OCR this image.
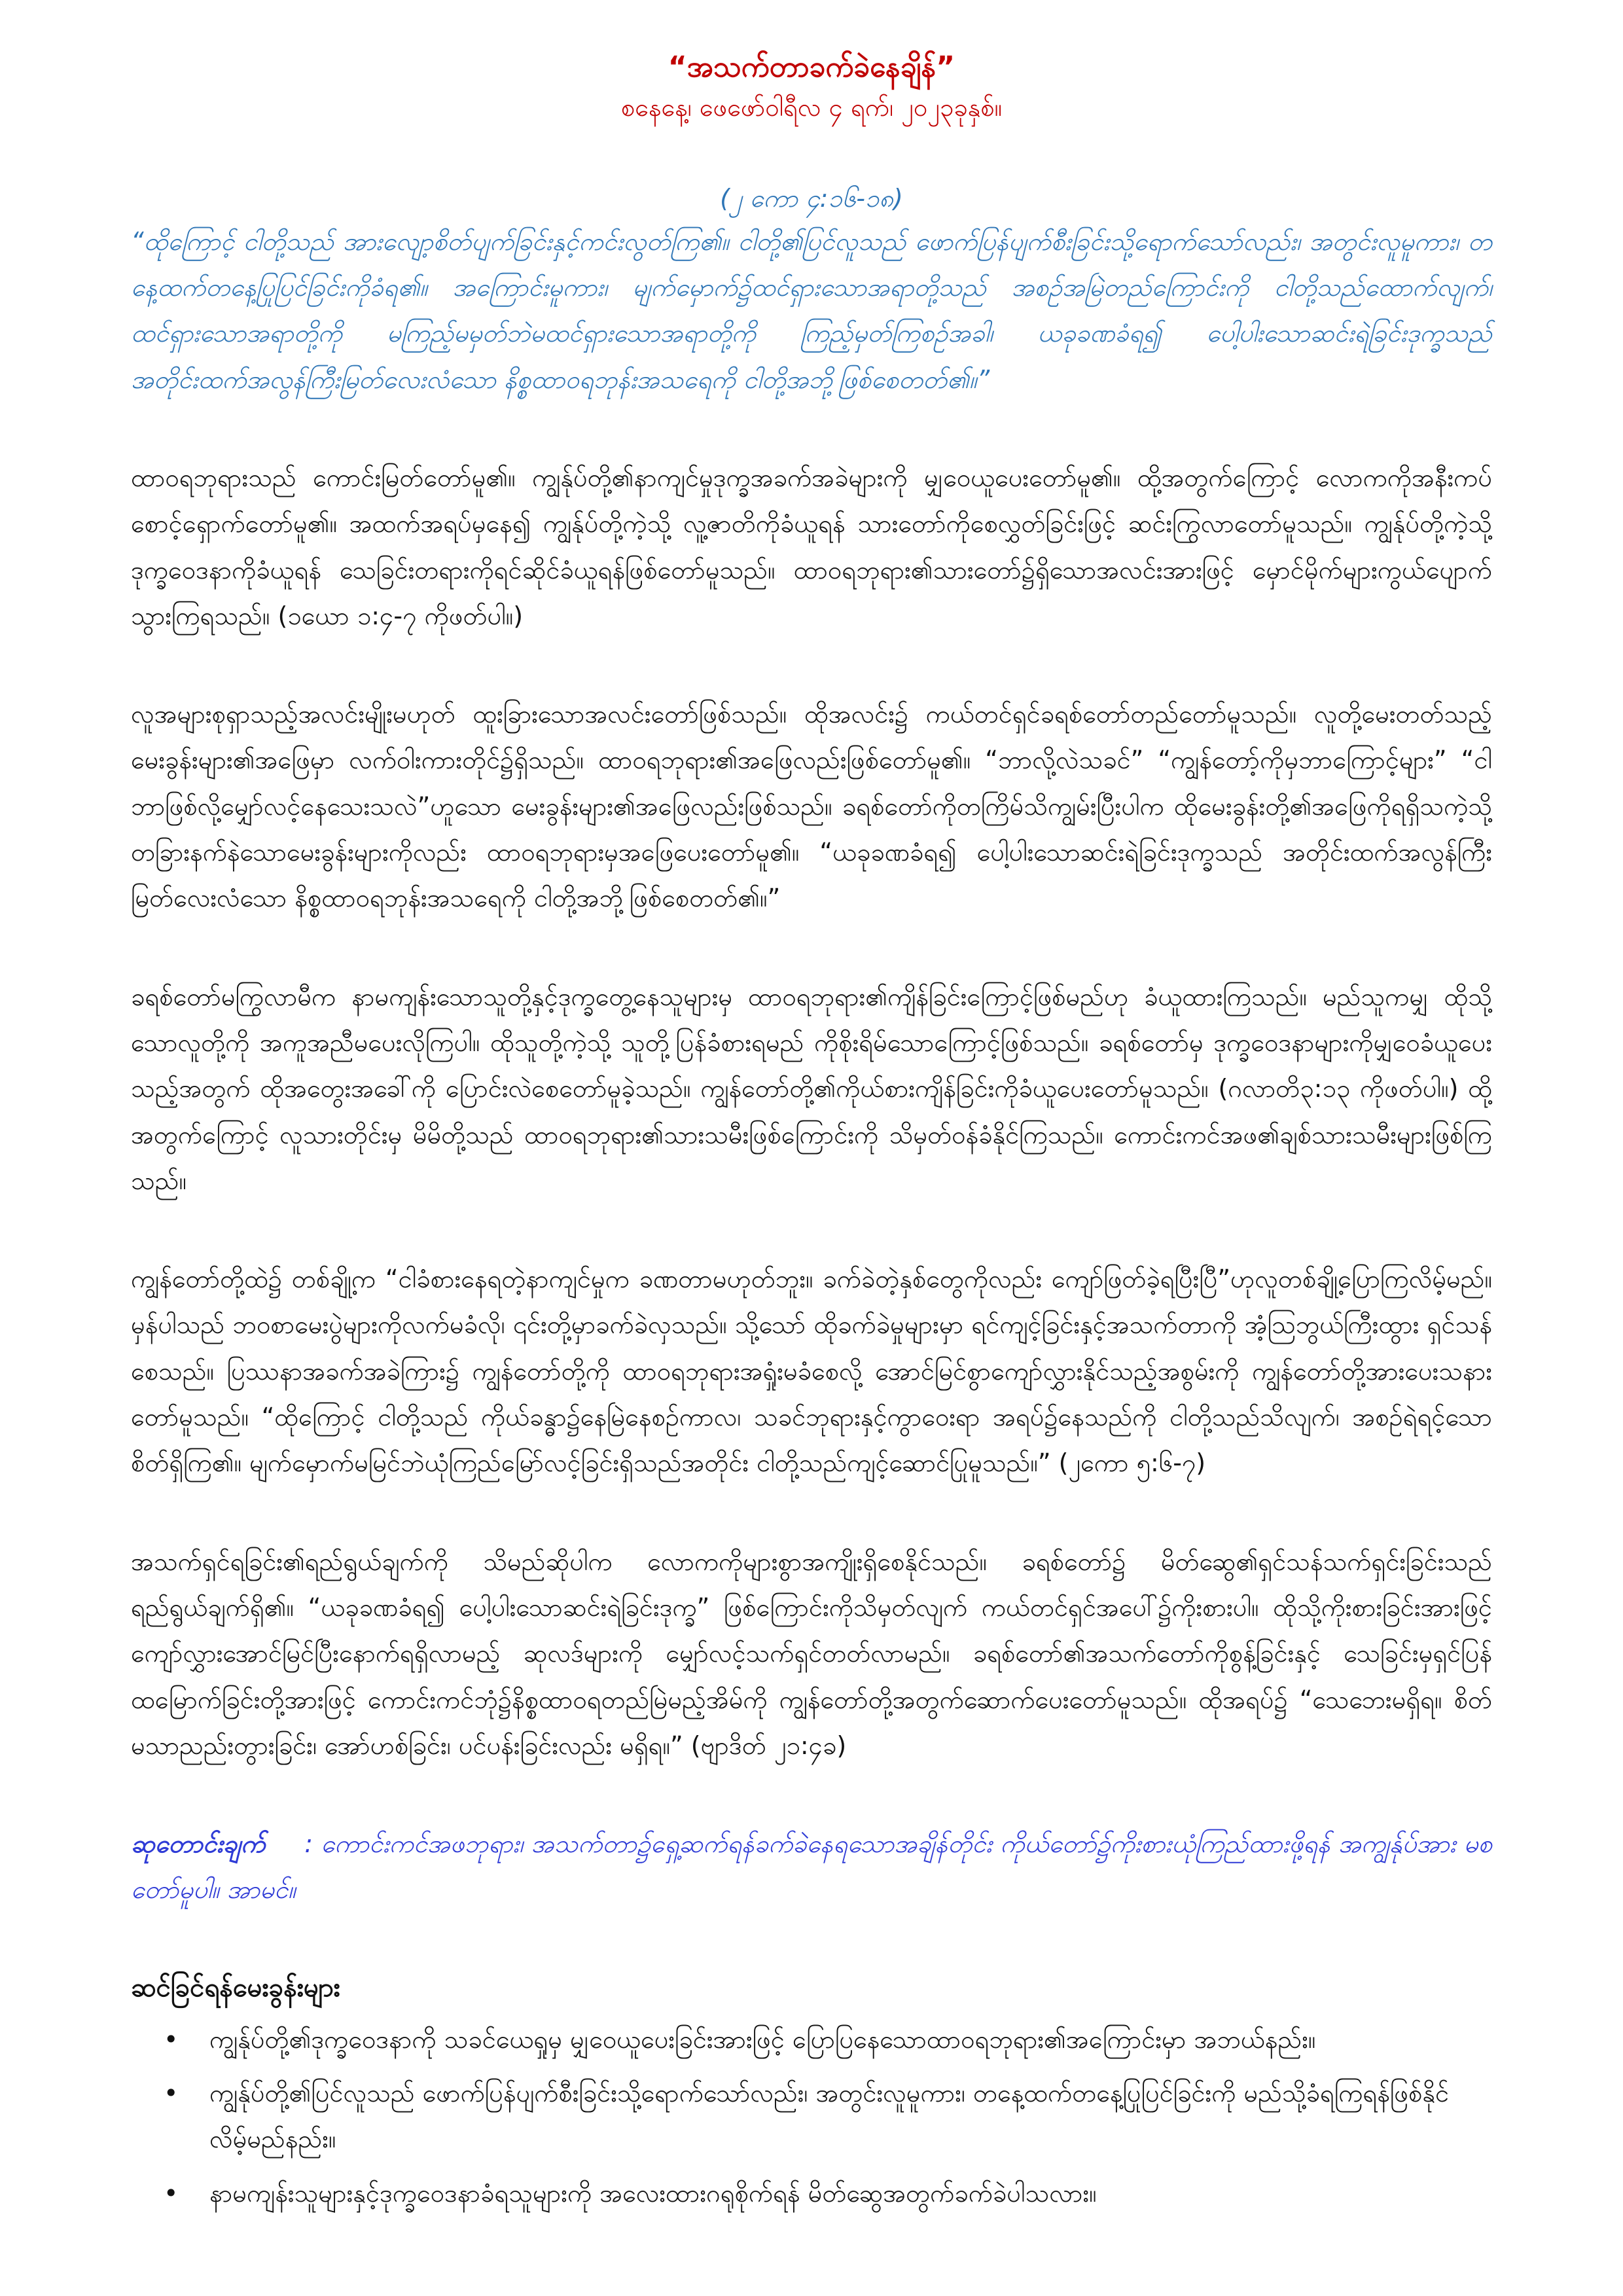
“အသက်တာခက်ခဲနေချိန်”

စနေနေ့၊ ဖေဖော်ဝါရီလ ၄ ရက်၊ ၂၀၂၃ခုနှစ်။

(၂ ကော ၄:၁၆-၁၈)

“ထိုကြောင့် ငါတို့သည် အားလျော့စိတ်ပျက်ခြင်းနှင့်ကင်းလွတ်ကြ၏။ ငါတို့၏ပြင်လူသည် ဖောက်ပြန်ပျက်စီးခြင်းသို့ရောက်သော်လည်း၊ အတွင်းလူမူကား၊ တနေ့ထက်တနေ့ပြုပြင်ခြင်းကိုခံရ၏။ အကြောင်းမူကား၊ မျက်မှောက်၌ထင်ရှားသောအရာတို့သည် အစဉ်အမြဲတည်ကြောင်းကို ငါတို့သည်ထောက်လျက်၊ ထင်ရှားသောအရာတို့ကို မကြည့်မမှတ်ဘဲမထင်ရှားသောအရာတို့ကို ကြည့်မှတ်ကြစဉ်အခါ၊ ယခုခဏခံရ၍ ပေါ့ပါးသောဆင်းရဲခြင်းဒုက္ခသည် အတိုင်းထက်အလွန်ကြီးမြတ်လေးလံသော နိစ္စထာဝရဘုန်းအသရေကို ငါတို့အဘို့ဖြစ်စေတတ်၏။”

ထာဝရဘုရားသည် ကောင်းမြတ်တော်မူ၏။ ကျွန်ုပ်တို့၏နာကျင်မှုဒုက္ခအခက်အခဲများကို မျှဝေယူပေးတော်မူ၏။ ထို့အတွက်ကြောင့် လောကကိုအနီးကပ်စောင့်ရှောက်တော်မူ၏။ အထက်အရပ်မှနေ၍ ကျွန်ုပ်တို့ကဲ့သို့ လူ့ဇာတိကိုခံယူရန် သားတော်ကိုစေလွှတ်ခြင်းဖြင့် ဆင်းကြွလာတော်မူသည်။ ကျွန်ုပ်တို့ကဲ့သို့ ဒုက္ခဝေဒနာကိုခံယူရန် သေခြင်းတရားကိုရင်ဆိုင်ခံယူရန်ဖြစ်တော်မူသည်။ ထာဝရဘုရား၏သားတော်၌ရှိသောအလင်းအားဖြင့် မှောင်မိုက်များကွယ်ပျောက်သွားကြရသည်။ (၁ယော ၁:၄-၇ ကိုဖတ်ပါ။)

လူအများစုရှာသည့်အလင်းမျိုးမဟုတ် ထူးခြားသောအလင်းတော်ဖြစ်သည်။ ထိုအလင်း၌ ကယ်တင်ရှင်ခရစ်တော်တည်တော်မူသည်။ လူတို့မေးတတ်သည့်မေးခွန်းများ၏အဖြေမှာ လက်ဝါးကားတိုင်၌ရှိသည်။ ထာဝရဘုရား၏အဖြေလည်းဖြစ်တော်မူ၏။ “ဘာလို့လဲသခင်” “ကျွန်တော့်ကိုမှဘာကြောင့်များ” “ငါဘာဖြစ်လို့မျှော်လင့်နေသေးသလဲ”ဟူသော မေးခွန်းများ၏အဖြေလည်းဖြစ်သည်။ ခရစ်တော်ကိုတကြိမ်သိကျွမ်းပြီးပါက ထိုမေးခွန်းတို့၏အဖြေကိုရရှိသကဲ့သို့ တခြားနက်နဲသောမေးခွန်းများကိုလည်း ထာဝရဘုရားမှအဖြေပေးတော်မူ၏။ “ယခုခဏခံရ၍ ပေါ့ပါးသောဆင်းရဲခြင်းဒုက္ခသည် အတိုင်းထက်အလွန်ကြီးမြတ်လေးလံသော နိစ္စထာဝရဘုန်းအသရေကို ငါတို့အဘို့ဖြစ်စေတတ်၏။”

ခရစ်တော်မကြွလာမီက နာမကျန်းသောသူတို့နှင့်ဒုက္ခတွေ့နေသူများမှ ထာဝရဘုရား၏ကျိန်ခြင်းကြောင့်ဖြစ်မည်ဟု ခံယူထားကြသည်။ မည်သူကမျှ ထိုသို့သောလူတို့ကို အကူအညီမပေးလိုကြပါ။ ထိုသူတို့ကဲ့သို့ သူတို့ပြန်ခံစားရမည် ကိုစိုးရိမ်သောကြောင့်ဖြစ်သည်။ ခရစ်တော်မှ ဒုက္ခဝေဒနာများကိုမျှဝေခံယူပေးသည့်အတွက် ထိုအတွေးအခေါ်ကို ပြောင်းလဲစေတော်မူခဲ့သည်။ ကျွန်တော်တို့၏ကိုယ်စားကျိန်ခြင်းကိုခံယူပေးတော်မူသည်။ (ဂလာတိ၃:၁၃ ကိုဖတ်ပါ။) ထို့အတွက်ကြောင့် လူသားတိုင်းမှ မိမိတို့သည် ထာဝရဘုရား၏သားသမီးဖြစ်ကြောင်းကို သိမှတ်ဝန်ခံနိုင်ကြသည်။ ကောင်းကင်အဖ၏ချစ်သားသမီးများဖြစ်ကြသည်။

ကျွန်တော်တို့ထဲ၌ တစ်ချို့က “ငါခံစားနေရတဲ့နာကျင်မှုက ခဏတာမဟုတ်ဘူး။ ခက်ခဲတဲ့နှစ်တွေကိုလည်း ကျော်ဖြတ်ခဲ့ရပြီးပြီ”ဟုလူတစ်ချို့ပြောကြလိမ့်မည်။ မှန်ပါသည် ဘဝစာမေးပွဲများကိုလက်မခံလို၊ ၎င်းတို့မှာခက်ခဲလှသည်။ သို့သော် ထိုခက်ခဲမှုများမှာ ရင်ကျင့်ခြင်းနှင့်အသက်တာကို အံ့သြဘွယ်ကြီးထွား ရှင်သန်စေသည်။ ပြဿနာအခက်အခဲကြား၌ ကျွန်တော်တို့ကို ထာဝရဘုရားအရှုံးမခံစေလို့ အောင်မြင်စွာကျော်လွှားနိုင်သည့်အစွမ်းကို ကျွန်တော်တို့အားပေးသနားတော်မူသည်။ “ထိုကြောင့် ငါတို့သည် ကိုယ်ခန္ဓာ၌နေမြဲနေစဉ်ကာလ၊ သခင်ဘုရားနှင့်ကွာဝေးရာ အရပ်၌နေသည်ကို ငါတို့သည်သိလျက်၊ အစဉ်ရဲရင့်သောစိတ်ရှိကြ၏။ မျက်မှောက်မမြင်ဘဲယုံကြည်မြော်လင့်ခြင်းရှိသည်အတိုင်း ငါတို့သည်ကျင့်ဆောင်ပြုမူသည်။” (၂ကော ၅:၆-၇)

အသက်ရှင်ရခြင်း၏ရည်ရွယ်ချက်ကို သိမည်ဆိုပါက လောကကိုများစွာအကျိုးရှိစေနိုင်သည်။ ခရစ်တော်၌ မိတ်ဆွေ၏ရှင်သန်သက်ရှင်းခြင်းသည် ရည်ရွယ်ချက်ရှိ၏။ “ယခုခဏခံရ၍ ပေါ့ပါးသောဆင်းရဲခြင်းဒုက္ခ” ဖြစ်ကြောင်းကိုသိမှတ်လျက် ကယ်တင်ရှင်အပေါ်၌ကိုးစားပါ။ ထိုသို့ကိုးစားခြင်းအားဖြင့် ကျော်လွှားအောင်မြင်ပြီးနောက်ရရှိလာမည့် ဆုလဒ်များကို မျှော်လင့်သက်ရှင်တတ်လာမည်။ ခရစ်တော်၏အသက်တော်ကိုစွန့်ခြင်းနှင့် သေခြင်းမှရှင်ပြန်ထမြောက်ခြင်းတို့အားဖြင့် ကောင်းကင်ဘုံ၌နိစ္စထာဝရတည်မြဲမည့်အိမ်ကို ကျွန်တော်တို့အတွက်ဆောက်ပေးတော်မူသည်။ ထိုအရပ်၌ “သေဘေးမရှိရ။ စိတ်မသာညည်းတွားခြင်း၊ အော်ဟစ်ခြင်း၊ ပင်ပန်းခြင်းလည်း မရှိရ။” (ဗျာဒိတ် ၂၁:၄ခ)

ဆုတောင်းချက် : ကောင်းကင်အဖဘုရား၊ အသက်တာ၌ရှေ့ဆက်ရန်ခက်ခဲနေရသောအချိန်တိုင်း ကိုယ်တော်၌ကိုးစားယုံကြည်ထားဖို့ရန် အကျွန်ုပ်အား မစတော်မူပါ။ အာမင်။

ဆင်ခြင်ရန်မေးခွန်းများ
• ကျွန်ုပ်တို့၏ဒုက္ခဝေဒနာကို သခင်ယေရှုမှ မျှဝေယူပေးခြင်းအားဖြင့် ပြောပြနေသောထာဝရဘုရား၏အကြောင်းမှာ အဘယ်နည်း။
• ကျွန်ုပ်တို့၏ပြင်လူသည် ဖောက်ပြန်ပျက်စီးခြင်းသို့ရောက်သော်လည်း၊ အတွင်းလူမူကား၊ တနေ့ထက်တနေ့ပြုပြင်ခြင်းကို မည်သို့ခံရကြရန်ဖြစ်နိုင်လိမ့်မည်နည်း။
• နာမကျန်းသူများနှင့်ဒုက္ခဝေဒနာခံရသူများကို အလေးထားဂရုစိုက်ရန် မိတ်ဆွေအတွက်ခက်ခဲပါသလား။
